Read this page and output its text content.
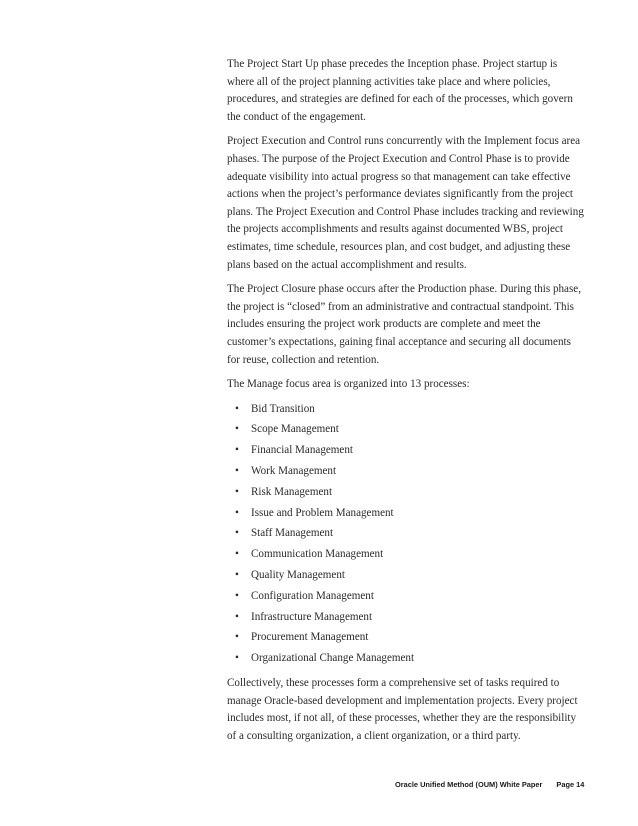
The Project Start Up phase precedes the Inception phase. Project startup is where all of the project planning activities take place and where policies, procedures, and strategies are defined for each of the processes, which govern the conduct of the engagement.

Project Execution and Control runs concurrently with the Implement focus area phases. The purpose of the Project Execution and Control Phase is to provide adequate visibility into actual progress so that management can take effective actions when the project’s performance deviates significantly from the project plans. The Project Execution and Control Phase includes tracking and reviewing the projects accomplishments and results against documented WBS, project estimates, time schedule, resources plan, and cost budget, and adjusting these plans based on the actual accomplishment and results.

The Project Closure phase occurs after the Production phase. During this phase, the project is “closed” from an administrative and contractual standpoint. This includes ensuring the project work products are complete and meet the customer’s expectations, gaining final acceptance and securing all documents for reuse, collection and retention.

The Manage focus area is organized into 13 processes:

• Bid Transition
• Scope Management
• Financial Management
• Work Management
• Risk Management
• Issue and Problem Management
• Staff Management
• Communication Management
• Quality Management
• Configuration Management
• Infrastructure Management
• Procurement Management
• Organizational Change Management

Collectively, these processes form a comprehensive set of tasks required to manage Oracle-based development and implementation projects. Every project includes most, if not all, of these processes, whether they are the responsibility of a consulting organization, a client organization, or a third party.

Oracle Unified Method (OUM) White Paper Page 14
